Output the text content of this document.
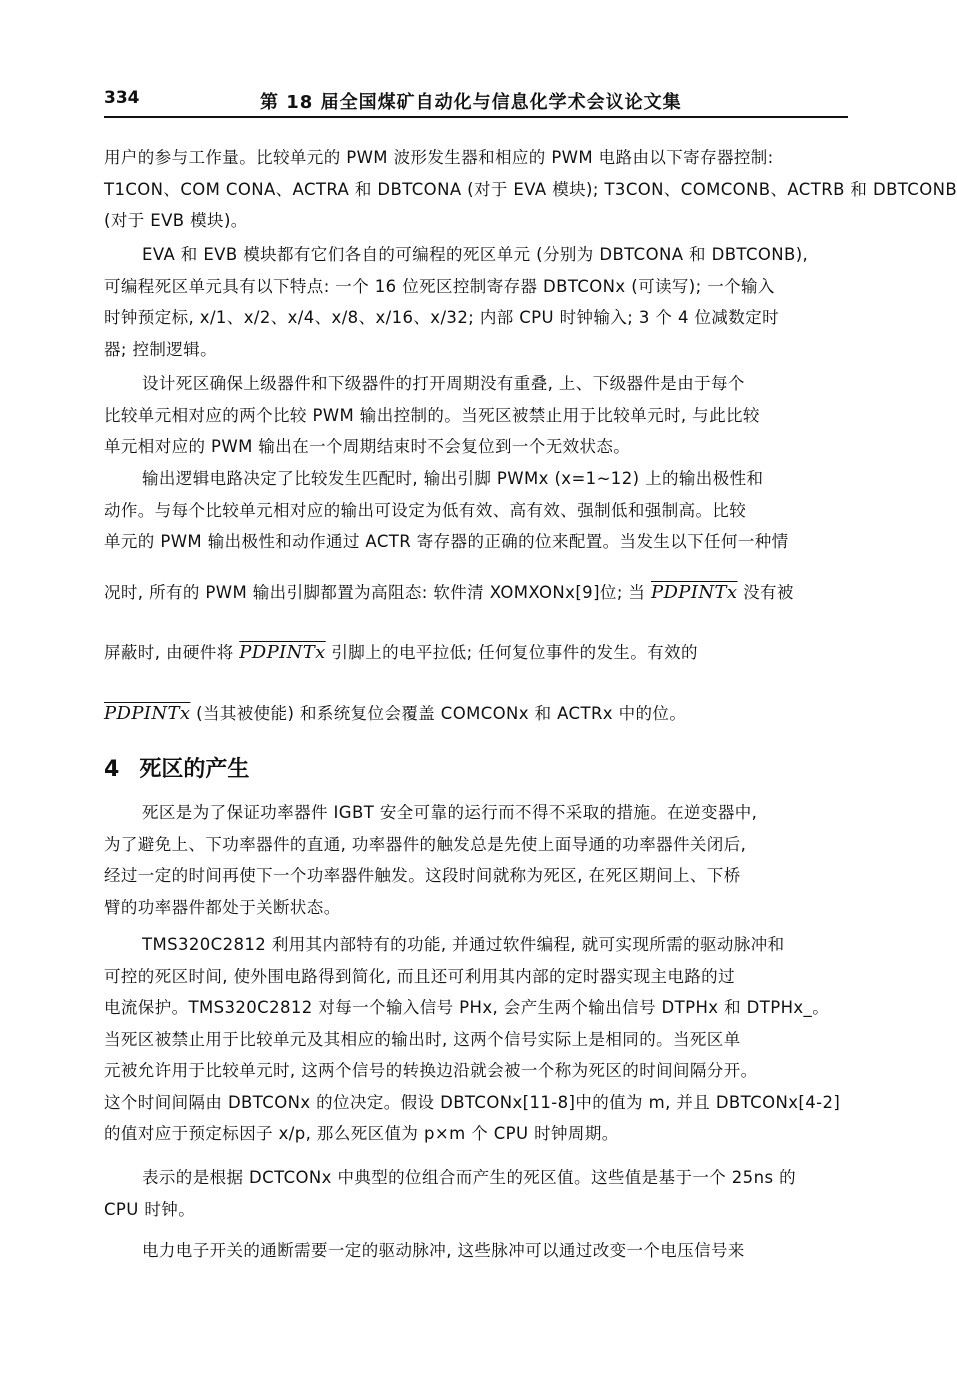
334	第 18 届全国煤矿自动化与信息化学术会议论文集
用户的参与工作量。比较单元的 PWM 波形发生器和相应的 PWM 电路由以下寄存器控制:
T1CON、COM CONA、ACTRA 和 DBTCONA (对于 EVA 模块); T3CON、COMCONB、ACTRB 和 DBTCONB
(对于 EVB 模块)。
EVA 和 EVB 模块都有它们各自的可编程的死区单元 (分别为 DBTCONA 和 DBTCONB),
可编程死区单元具有以下特点: 一个 16 位死区控制寄存器 DBTCONx (可读写); 一个输入
时钟预定标, x/1、x/2、x/4、x/8、x/16、x/32; 内部 CPU 时钟输入; 3 个 4 位减数定时
器; 控制逻辑。
设计死区确保上级器件和下级器件的打开周期没有重叠, 上、下级器件是由于每个
比较单元相对应的两个比较 PWM 输出控制的。当死区被禁止用于比较单元时, 与此比较
单元相对应的 PWM 输出在一个周期结束时不会复位到一个无效状态。
输出逻辑电路决定了比较发生匹配时, 输出引脚 PWMx (x=1~12) 上的输出极性和
动作。与每个比较单元相对应的输出可设定为低有效、高有效、强制低和强制高。比较
单元的 PWM 输出极性和动作通过 ACTR 寄存器的正确的位来配置。当发生以下任何一种情
况时, 所有的 PWM 输出引脚都置为高阻态: 软件清 XOMXONx[9]位; 当 PDPINTx 没有被
屏蔽时, 由硬件将 PDPINTx 引脚上的电平拉低; 任何复位事件的发生。有效的
PDPINTx (当其被使能) 和系统复位会覆盖 COMCONx 和 ACTRx 中的位。
4 死区的产生
死区是为了保证功率器件 IGBT 安全可靠的运行而不得不采取的措施。在逆变器中,
为了避免上、下功率器件的直通, 功率器件的触发总是先使上面导通的功率器件关闭后,
经过一定的时间再使下一个功率器件触发。这段时间就称为死区, 在死区期间上、下桥
臂的功率器件都处于关断状态。
TMS320C2812 利用其内部特有的功能, 并通过软件编程, 就可实现所需的驱动脉冲和
可控的死区时间, 使外围电路得到简化, 而且还可利用其内部的定时器实现主电路的过
电流保护。TMS320C2812 对每一个输入信号 PHx, 会产生两个输出信号 DTPHx 和 DTPHx_。
当死区被禁止用于比较单元及其相应的输出时, 这两个信号实际上是相同的。当死区单
元被允许用于比较单元时, 这两个信号的转换边沿就会被一个称为死区的时间间隔分开。
这个时间间隔由 DBTCONx 的位决定。假设 DBTCONx[11-8]中的值为 m, 并且 DBTCONx[4-2]
的值对应于预定标因子 x/p, 那么死区值为 p×m 个 CPU 时钟周期。
表示的是根据 DCTCONx 中典型的位组合而产生的死区值。这些值是基于一个 25ns 的
CPU 时钟。
电力电子开关的通断需要一定的驱动脉冲, 这些脉冲可以通过改变一个电压信号来
